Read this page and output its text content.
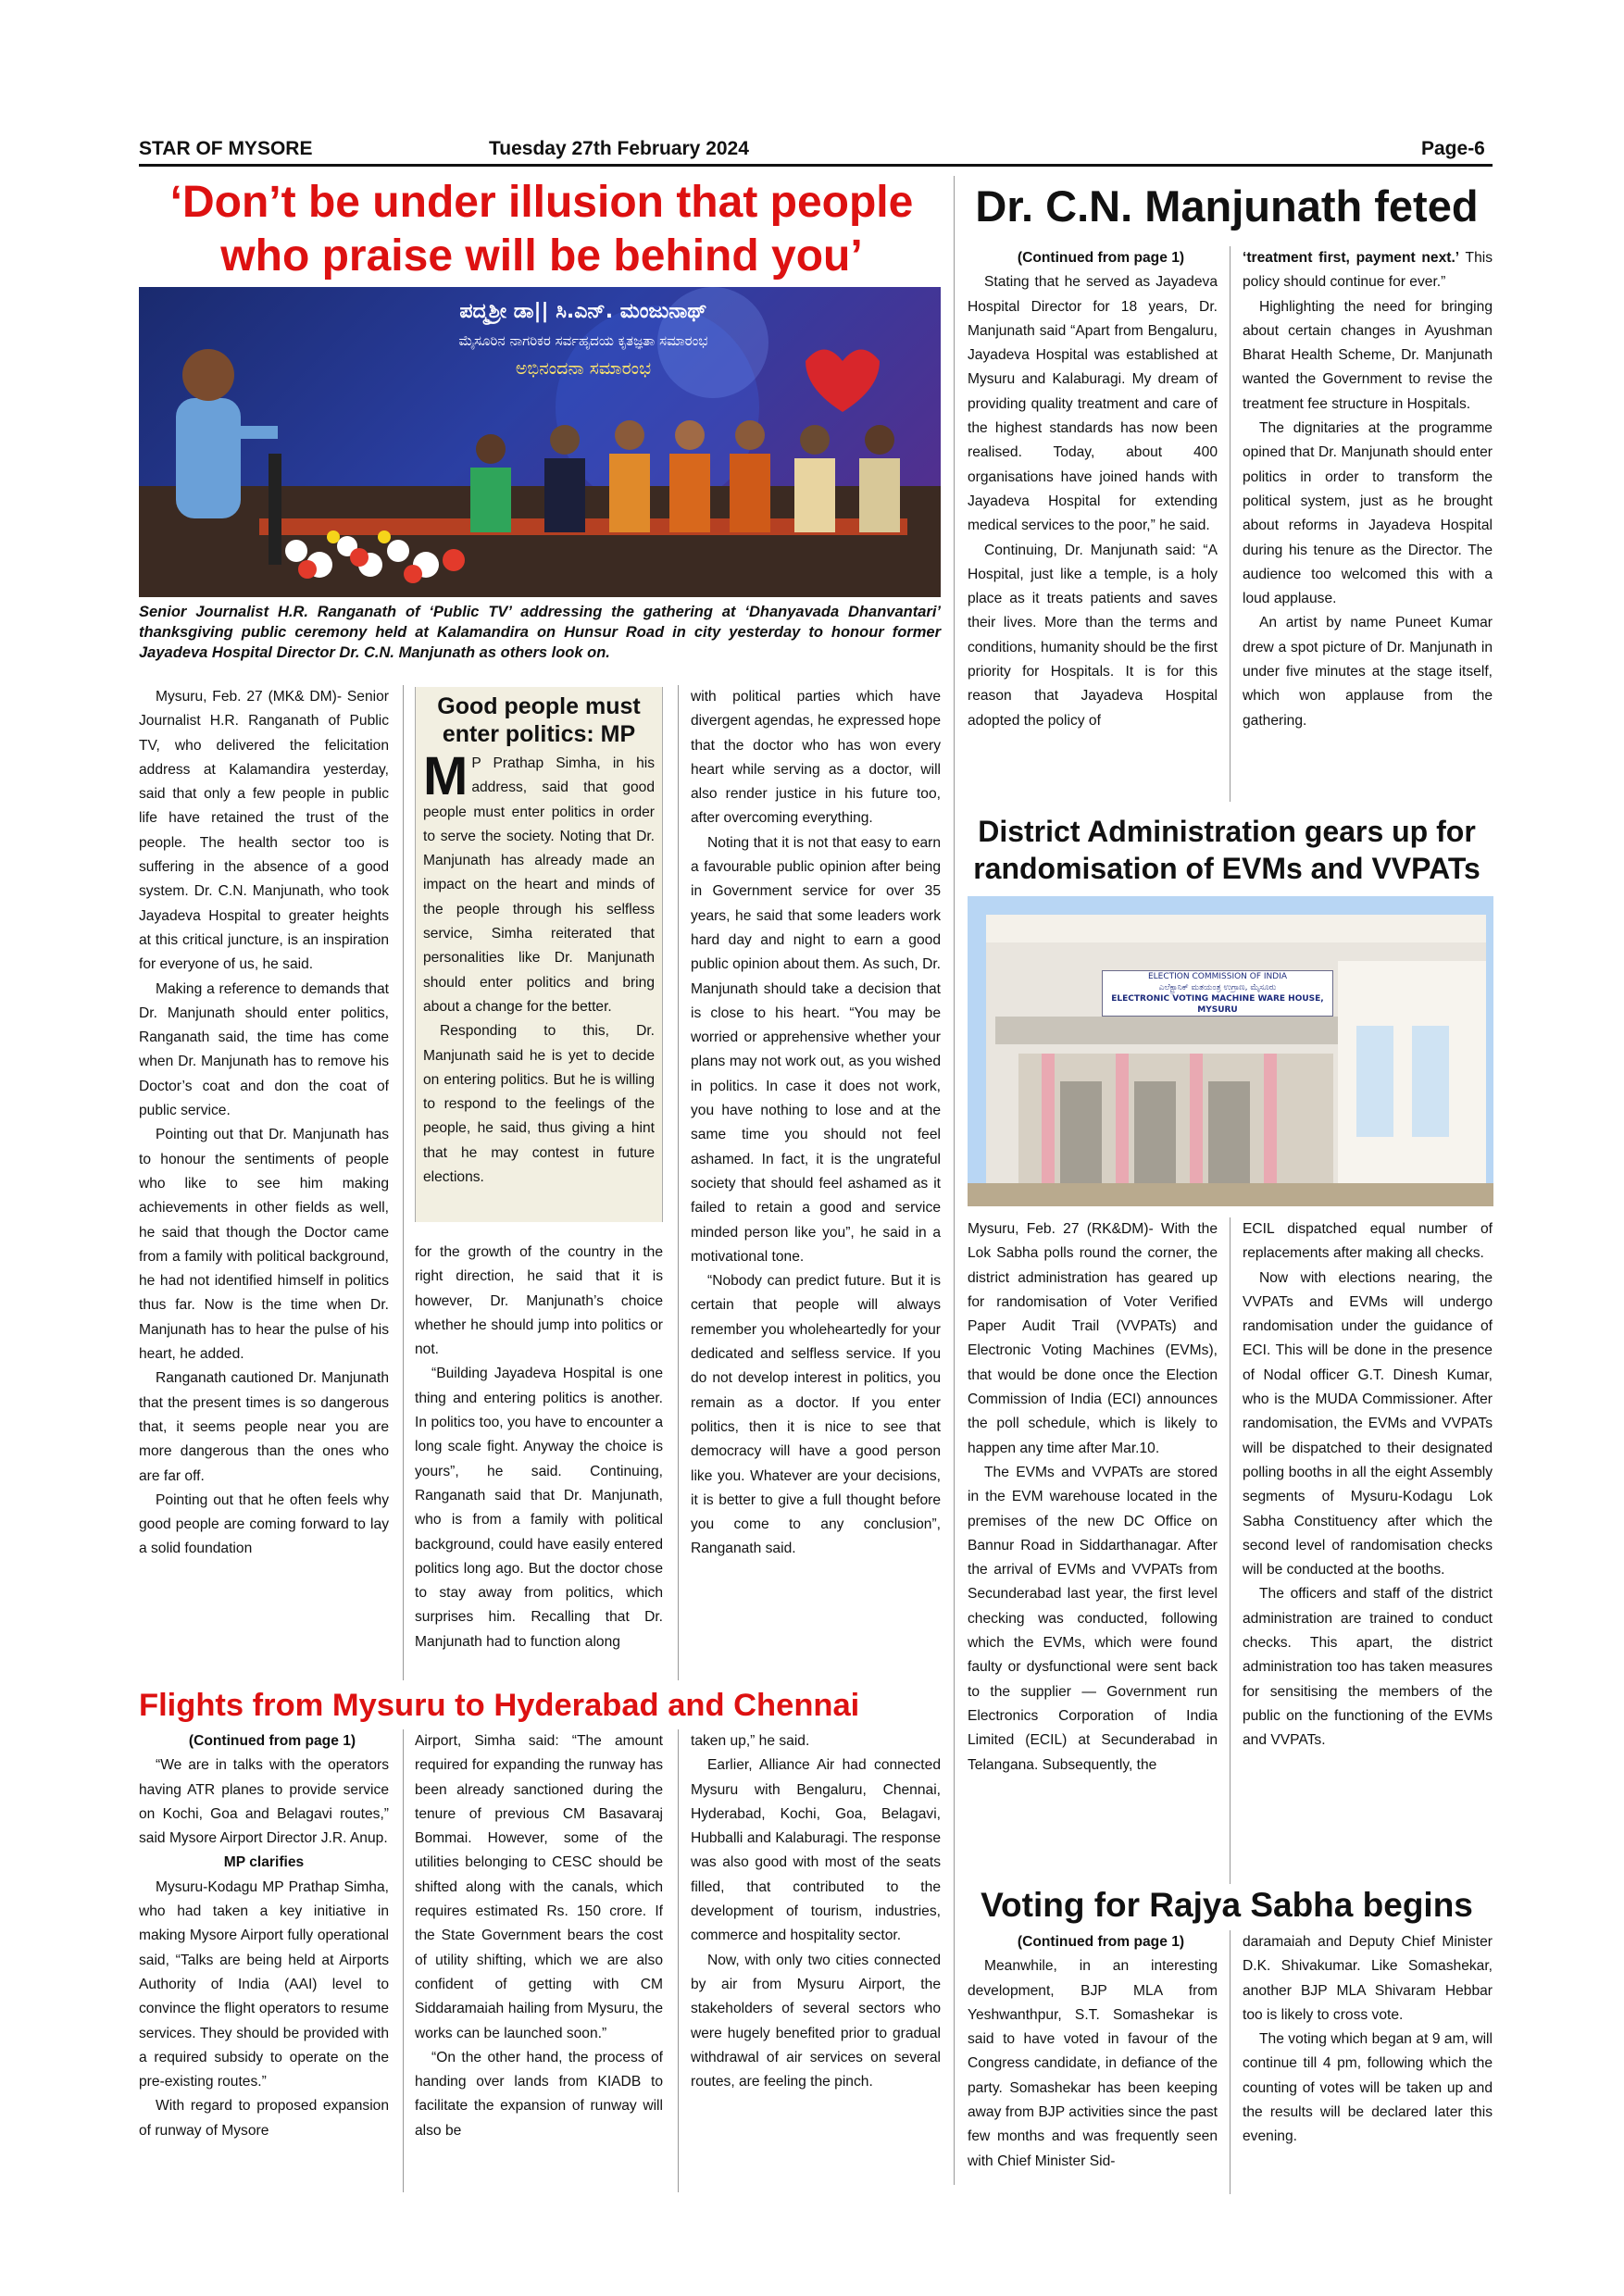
STAR OF MYSORE	Tuesday 27th February 2024	Page-6
‘Don’t be under illusion that people
who praise will be behind you’
ಪದ್ಮಶ್ರೀ ಡಾ|| ಸಿ.ಎನ್. ಮಂಜುನಾಥ್
ಮೈಸೂರಿನ ನಾಗರಿಕರ ಸರ್ವಹೃದಯ ಕೃತಜ್ಞತಾ ಸಮಾರಂಭ
ಅಭಿನಂದನಾ ಸಮಾರಂಭ
Senior Journalist H.R. Ranganath of ‘Public TV’ addressing the gathering at ‘Dhanyavada Dhanvantari’ thanksgiving public ceremony held at Kalamandira on Hunsur Road in city yesterday to honour former Jayadeva Hospital Director Dr. C.N. Manjunath as others look on.

Mysuru, Feb. 27 (MK& DM)- Senior Journalist H.R. Ranganath of Public TV, who delivered the felicitation address at Kalamandira yesterday, said that only a few people in public life have retained the trust of the people. The health sector too is suffering in the absence of a good system. Dr. C.N. Manjunath, who took Jayadeva Hospital to greater heights at this critical juncture, is an inspiration for everyone of us, he said.

Making a reference to demands that Dr. Manjunath should enter politics, Ranganath said, the time has come when Dr. Manjunath has to remove his Doctor’s coat and don the coat of public service.

Pointing out that Dr. Manjunath has to honour the sentiments of people who like to see him making achievements in other fields as well, he said that though the Doctor came from a family with political background, he had not identified himself in politics thus far. Now is the time when Dr. Manjunath has to hear the pulse of his heart, he added.

Ranganath cautioned Dr. Manjunath that the present times is so dangerous that, it seems people near you are more dangerous than the ones who are far off.

Pointing out that he often feels why good people are coming forward to lay a solid foundation

Good people must enter politics: MP
M P Prathap Simha, in his address, said that good people must enter politics in order to serve the society. Noting that Dr. Manjunath has already made an impact on the heart and minds of the people through his selfless service, Simha reiterated that personalities like Dr. Manjunath should enter politics and bring about a change for the better.

Responding to this, Dr. Manjunath said he is yet to decide on entering politics. But he is willing to respond to the feelings of the people, he said, thus giving a hint that he may contest in future elections.

for the growth of the country in the right direction, he said that it is however, Dr. Manjunath’s choice whether he should jump into politics or not.

“Building Jayadeva Hospital is one thing and entering politics is another. In politics too, you have to encounter a long scale fight. Anyway the choice is yours”, he said. Continuing, Ranganath said that Dr. Manjunath, who is from a family with political background, could have easily entered politics long ago. But the doctor chose to stay away from politics, which surprises him. Recalling that Dr. Manjunath had to function along

with political parties which have divergent agendas, he expressed hope that the doctor who has won every heart while serving as a doctor, will also render justice in his future too, after overcoming everything.

Noting that it is not that easy to earn a favourable public opinion after being in Government service for over 35 years, he said that some leaders work hard day and night to earn a good public opinion about them. As such, Dr. Manjunath should take a decision that is close to his heart. “You may be worried or apprehensive whether your plans may not work out, as you wished in politics. In case it does not work, you have nothing to lose and at the same time you should not feel ashamed. In fact, it is the ungrateful society that should feel ashamed as it failed to retain a good and service minded person like you”, he said in a motivational tone.

“Nobody can predict future. But it is certain that people will always remember you wholeheartedly for your dedicated and selfless service. If you do not develop interest in politics, you remain as a doctor. If you enter politics, then it is nice to see that democracy will have a good person like you. Whatever are your decisions, it is better to give a full thought before you come to any conclusion”, Ranganath said.

Dr. C.N. Manjunath feted

(Continued from page 1)

Stating that he served as Jayadeva Hospital Director for 18 years, Dr. Manjunath said “Apart from Bengaluru, Jayadeva Hospital was established at Mysuru and Kalaburagi. My dream of providing quality treatment and care of the highest standards has now been realised. Today, about 400 organisations have joined hands with Jayadeva Hospital for extending medical services to the poor,” he said.

Continuing, Dr. Manjunath said: “A Hospital, just like a temple, is a holy place as it treats patients and saves their lives. More than the terms and conditions, humanity should be the first priority for Hospitals. It is for this reason that Jayadeva Hospital adopted the policy of

‘treatment first, payment next.’ This policy should continue for ever.”

Highlighting the need for bringing about certain changes in Ayushman Bharat Health Scheme, Dr. Manjunath wanted the Government to revise the treatment fee structure in Hospitals.

The dignitaries at the programme opined that Dr. Manjunath should enter politics in order to transform the political system, just as he brought about reforms in Jayadeva Hospital during his tenure as the Director. The audience too welcomed this with a loud applause.

An artist by name Puneet Kumar drew a spot picture of Dr. Manjunath in under five minutes at the stage itself, which won applause from the gathering.

District Administration gears up for
randomisation of EVMs and VVPATs
ELECTION COMMISSION OF INDIA
ಎಲೆಕ್ಟ್ರಾನಿಕ್ ಮತಯಂತ್ರ ಉಗ್ರಾಣ, ಮೈಸೂರು
ELECTRONIC VOTING MACHINE WARE HOUSE, MYSURU

Mysuru, Feb. 27 (RK&DM)- With the Lok Sabha polls round the corner, the district administration has geared up for randomisation of Voter Verified Paper Audit Trail (VVPATs) and Electronic Voting Machines (EVMs), that would be done once the Election Commission of India (ECI) announces the poll schedule, which is likely to happen any time after Mar.10.

The EVMs and VVPATs are stored in the EVM warehouse located in the premises of the new DC Office on Bannur Road in Siddarthanagar. After the arrival of EVMs and VVPATs from Secunderabad last year, the first level checking was conducted, following which the EVMs, which were found faulty or dysfunctional were sent back to the supplier — Government run Electronics Corporation of India Limited (ECIL) at Secunderabad in Telangana. Subsequently, the

ECIL dispatched equal number of replacements after making all checks.

Now with elections nearing, the VVPATs and EVMs will undergo randomisation under the guidance of ECI. This will be done in the presence of Nodal officer G.T. Dinesh Kumar, who is the MUDA Commissioner. After randomisation, the EVMs and VVPATs will be dispatched to their designated polling booths in all the eight Assembly segments of Mysuru-Kodagu Lok Sabha Constituency after which the second level of randomisation checks will be conducted at the booths.

The officers and staff of the district administration are trained to conduct checks. This apart, the district administration too has taken measures for sensitising the members of the public on the functioning of the EVMs and VVPATs.

Flights from Mysuru to Hyderabad and Chennai

(Continued from page 1)

“We are in talks with the operators having ATR planes to provide service on Kochi, Goa and Belagavi routes,” said Mysore Airport Director J.R. Anup.

MP clarifies

Mysuru-Kodagu MP Prathap Simha, who had taken a key initiative in making Mysore Airport fully operational said, “Talks are being held at Airports Authority of India (AAI) level to convince the flight operators to resume services. They should be provided with a required subsidy to operate on the pre-existing routes.”

With regard to proposed expansion of runway of Mysore

Airport, Simha said: “The amount required for expanding the runway has been already sanctioned during the tenure of previous CM Basavaraj Bommai. However, some of the utilities belonging to CESC should be shifted along with the canals, which requires estimated Rs. 150 crore. If the State Government bears the cost of utility shifting, which we are also confident of getting with CM Siddaramaiah hailing from Mysuru, the works can be launched soon.”

“On the other hand, the process of handing over lands from KIADB to facilitate the expansion of runway will also be

taken up,” he said.

Earlier, Alliance Air had connected Mysuru with Bengaluru, Chennai, Hyderabad, Kochi, Goa, Belagavi, Hubballi and Kalaburagi. The response was also good with most of the seats filled, that contributed to the development of tourism, industries, commerce and hospitality sector.

Now, with only two cities connected by air from Mysuru Airport, the stakeholders of several sectors who were hugely benefited prior to gradual withdrawal of air services on several routes, are feeling the pinch.

Voting for Rajya Sabha begins

(Continued from page 1)

Meanwhile, in an interesting development, BJP MLA from Yeshwanthpur, S.T. Somashekar is said to have voted in favour of the Congress candidate, in defiance of the party. Somashekar has been keeping away from BJP activities since the past few months and was frequently seen with Chief Minister Sid-

daramaiah and Deputy Chief Minister D.K. Shivakumar. Like Somashekar, another BJP MLA Shivaram Hebbar too is likely to cross vote.

The voting which began at 9 am, will continue till 4 pm, following which the counting of votes will be taken up and the results will be declared later this evening.
